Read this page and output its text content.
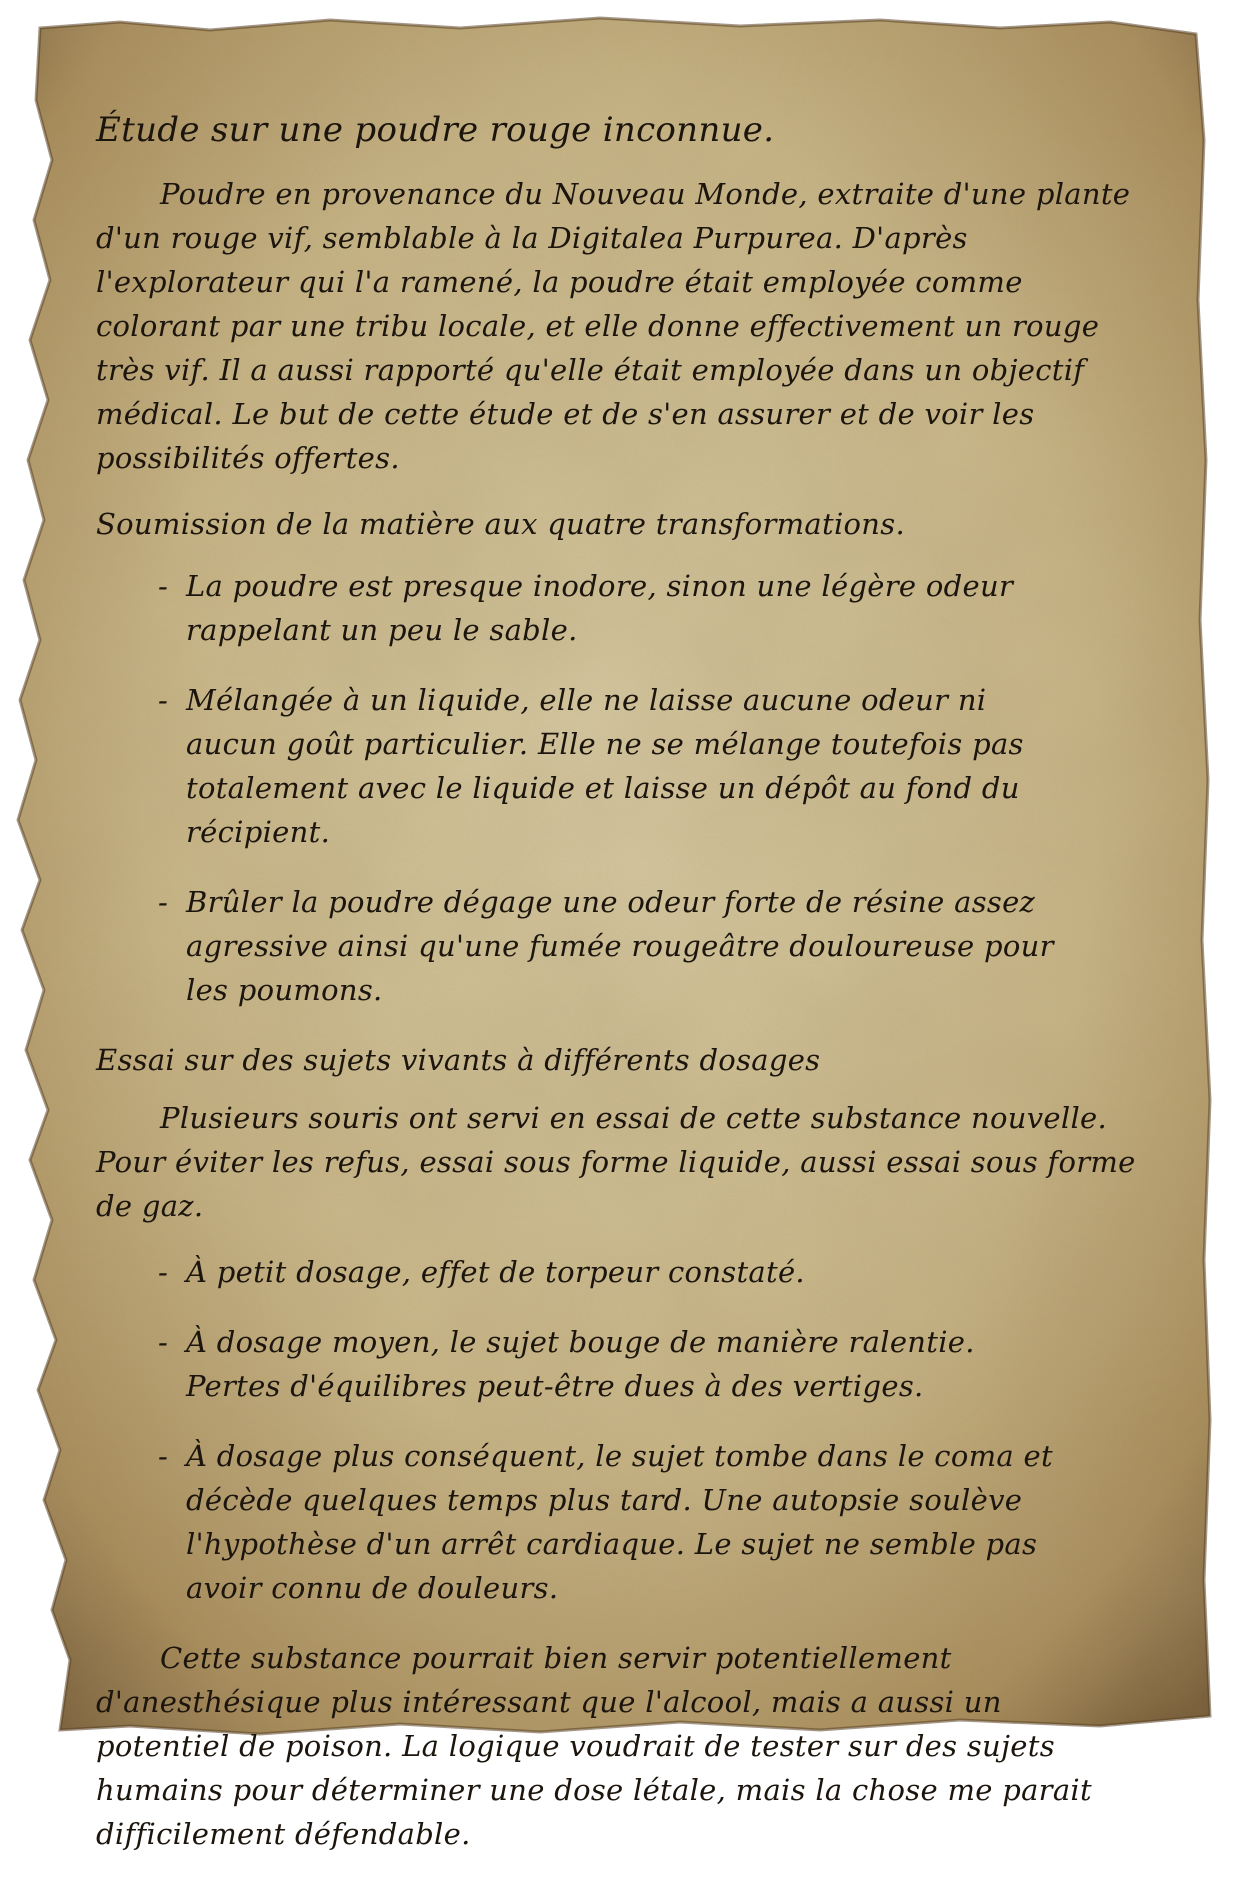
Étude sur une poudre rouge inconnue.

Poudre en provenance du Nouveau Monde, extraite d'une plante d'un rouge vif, semblable à la Digitalea Purpurea. D'après l'explorateur qui l'a ramené, la poudre était employée comme colorant par une tribu locale, et elle donne effectivement un rouge très vif. Il a aussi rapporté qu'elle était employée dans un objectif médical. Le but de cette étude et de s'en assurer et de voir les possibilités offertes.

Soumission de la matière aux quatre transformations.

- La poudre est presque inodore, sinon une légère odeur rappelant un peu le sable.
- Mélangée à un liquide, elle ne laisse aucune odeur ni aucun goût particulier. Elle ne se mélange toutefois pas totalement avec le liquide et laisse un dépôt au fond du récipient.
- Brûler la poudre dégage une odeur forte de résine assez agressive ainsi qu'une fumée rougeâtre douloureuse pour les poumons.

Essai sur des sujets vivants à différents dosages

Plusieurs souris ont servi en essai de cette substance nouvelle. Pour éviter les refus, essai sous forme liquide, aussi essai sous forme de gaz.

- À petit dosage, effet de torpeur constaté.
- À dosage moyen, le sujet bouge de manière ralentie. Pertes d'équilibres peut-être dues à des vertiges.
- À dosage plus conséquent, le sujet tombe dans le coma et décède quelques temps plus tard. Une autopsie soulève l'hypothèse d'un arrêt cardiaque. Le sujet ne semble pas avoir connu de douleurs.

Cette substance pourrait bien servir potentiellement d'anesthésique plus intéressant que l'alcool, mais a aussi un potentiel de poison. La logique voudrait de tester sur des sujets humains pour déterminer une dose létale, mais la chose me parait difficilement défendable.
